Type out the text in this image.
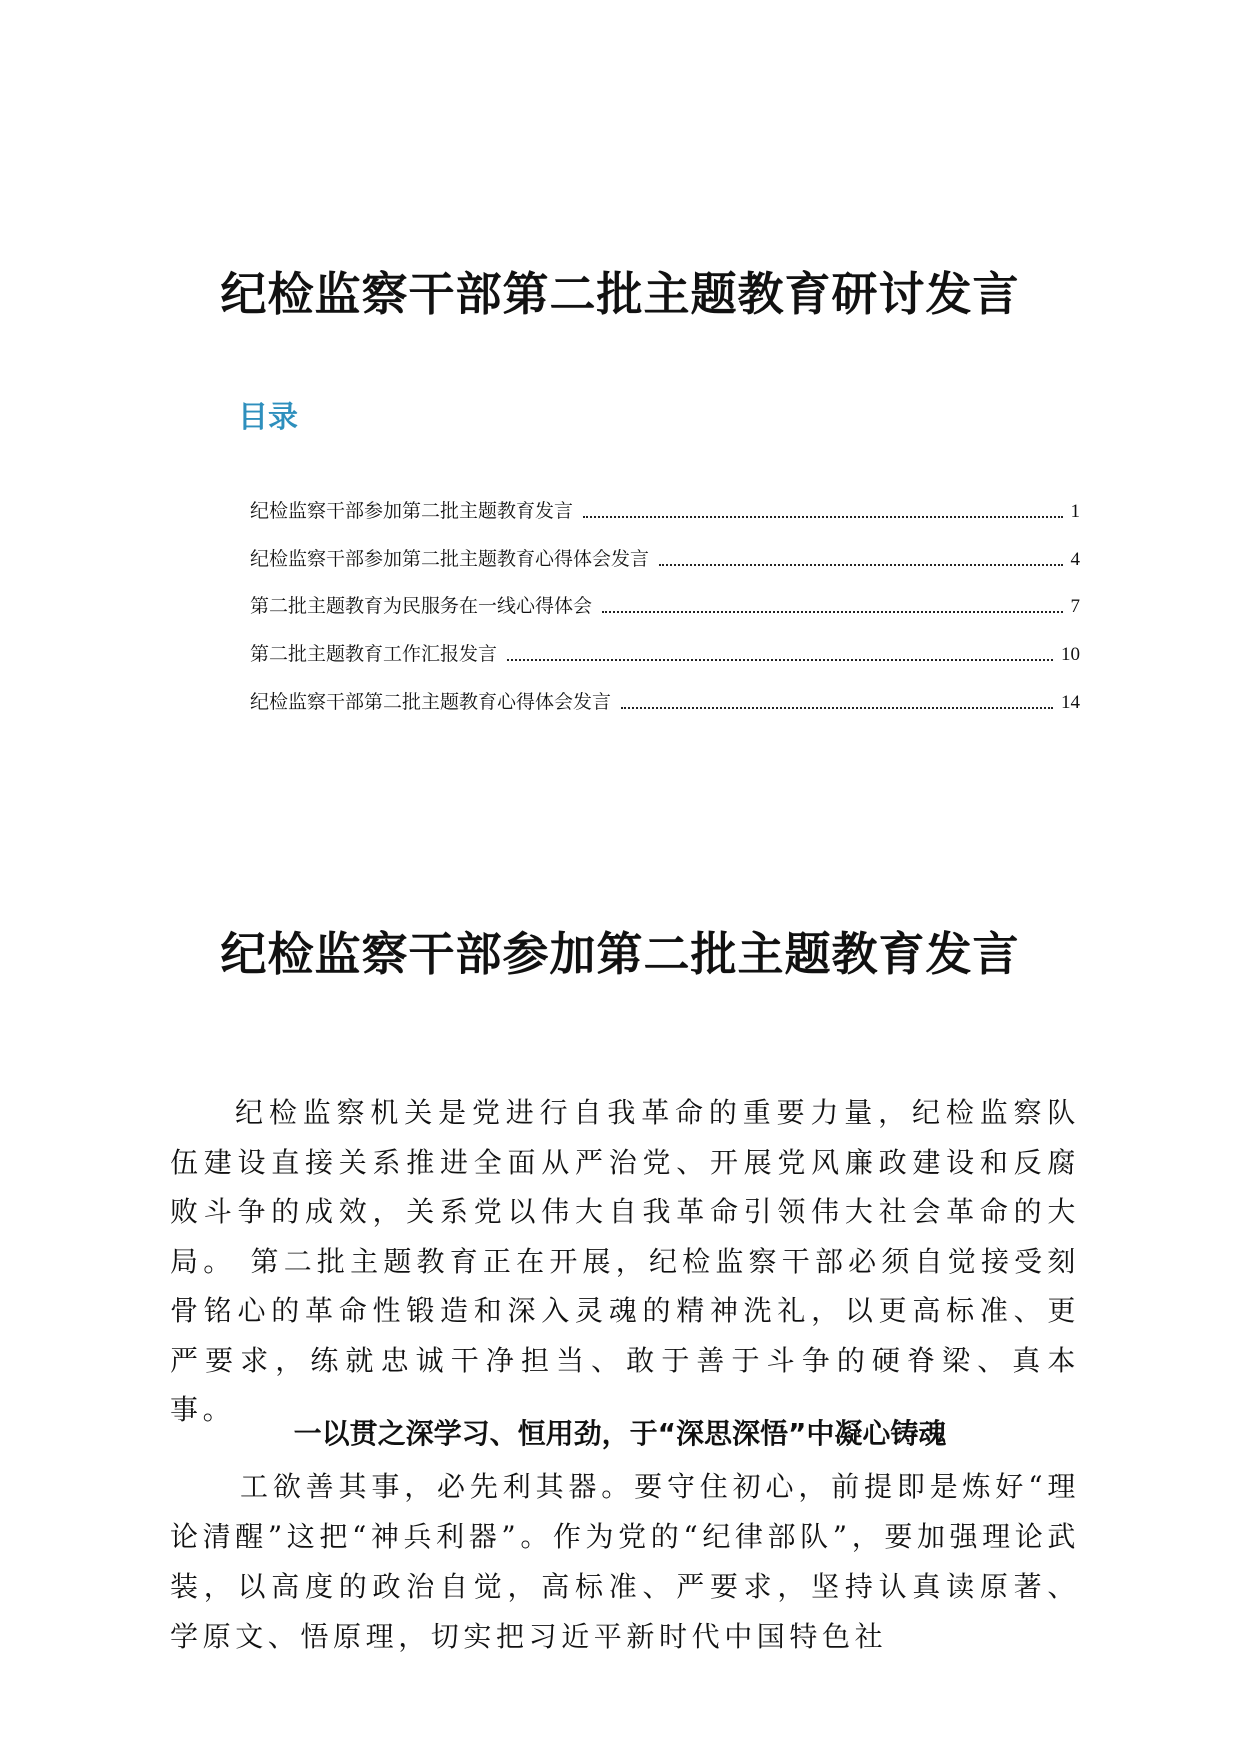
纪检监察干部第二批主题教育研讨发言
目录
纪检监察干部参加第二批主题教育发言	1
纪检监察干部参加第二批主题教育心得体会发言	4
第二批主题教育为民服务在一线心得体会	7
第二批主题教育工作汇报发言	10
纪检监察干部第二批主题教育心得体会发言	14
纪检监察干部参加第二批主题教育发言

纪检监察机关是党进行自我革命的重要力量，纪检监察队伍建设直接关系推进全面从严治党、开展党风廉政建设和反腐败斗争的成效，关系党以伟大自我革命引领伟大社会革命的大局。 第二批主题教育正在开展，纪检监察干部必须自觉接受刻骨铭心的革命性锻造和深入灵魂的精神洗礼，以更高标准、更严要求，练就忠诚干净担当、敢于善于斗争的硬脊梁、真本事。

一以贯之深学习、恒用劲，于“深思深悟”中凝心铸魂

工欲善其事，必先利其器。要守住初心，前提即是炼好“理论清醒”这把“神兵利器”。作为党的“纪律部队”，要加强理论武装，以高度的政治自觉，高标准、严要求，坚持认真读原著、学原文、悟原理，切实把习近平新时代中国特色社
